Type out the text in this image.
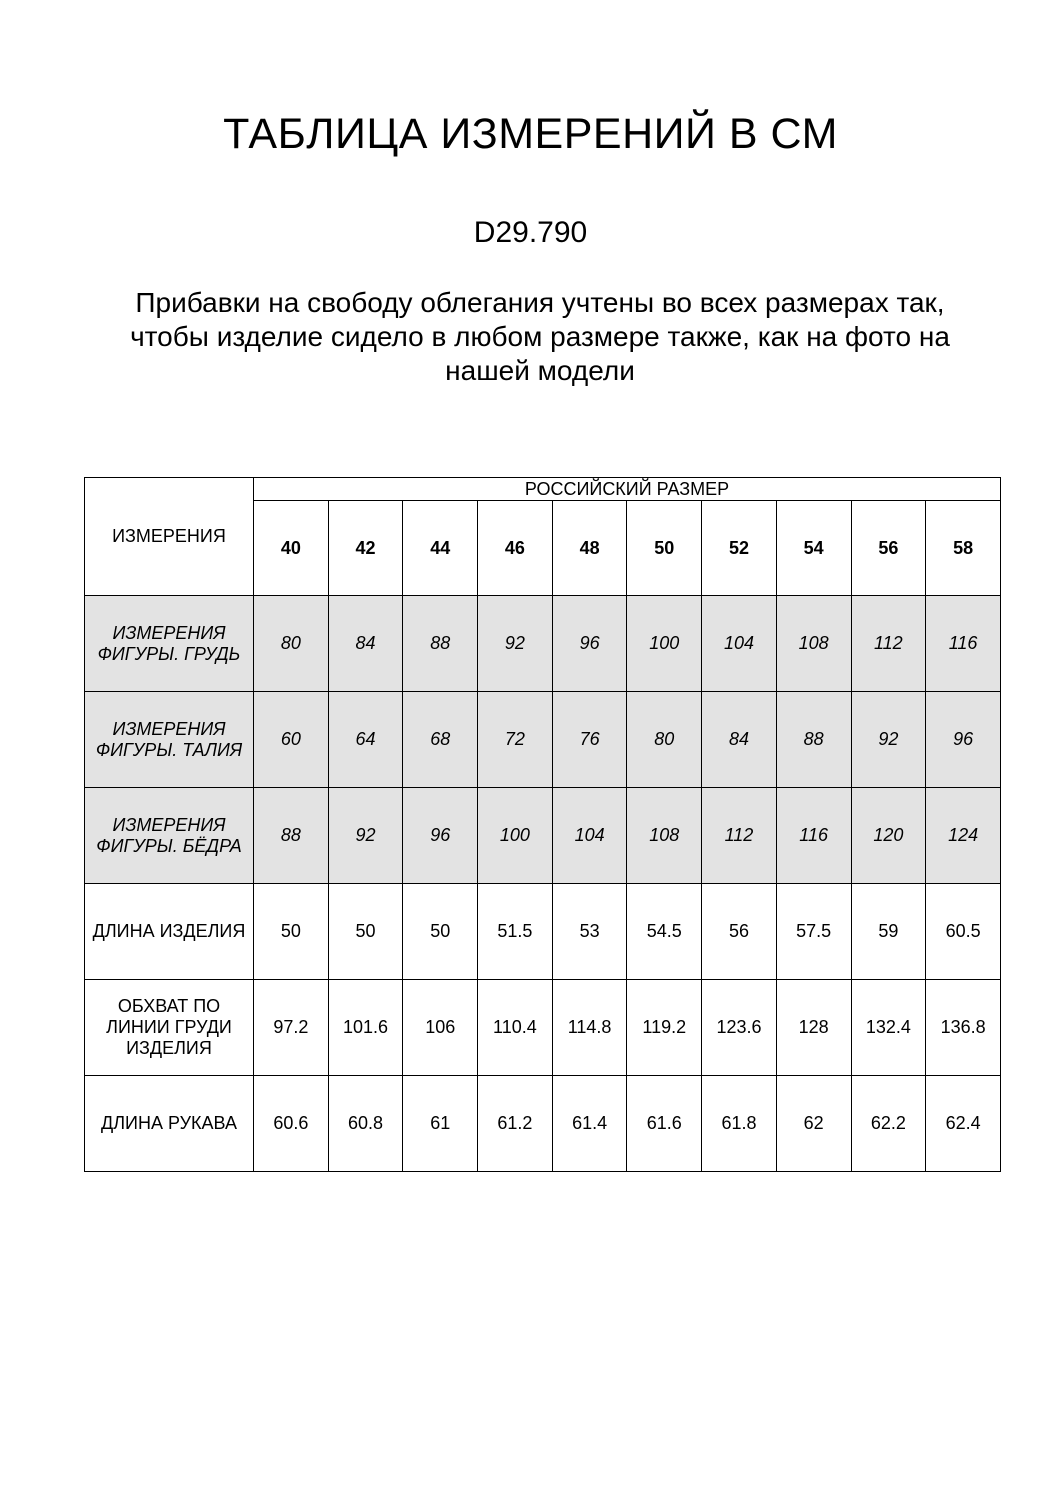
ТАБЛИЦА ИЗМЕРЕНИЙ В СМ
D29.790
Прибавки на свободу облегания учтены во всех размерах так, чтобы изделие сидело в любом размере также, как на фото на нашей модели
ИЗМЕРЕНИЯ	РОССИЙСКИЙ РАЗМЕР									
	40	42	44	46	48	50	52	54	56	58
ИЗМЕРЕНИЯ ФИГУРЫ. ГРУДЬ	80	84	88	92	96	100	104	108	112	116
ИЗМЕРЕНИЯ ФИГУРЫ. ТАЛИЯ	60	64	68	72	76	80	84	88	92	96
ИЗМЕРЕНИЯ ФИГУРЫ. БЁДРА	88	92	96	100	104	108	112	116	120	124
ДЛИНА ИЗДЕЛИЯ	50	50	50	51.5	53	54.5	56	57.5	59	60.5
ОБХВАТ ПО ЛИНИИ ГРУДИ ИЗДЕЛИЯ	97.2	101.6	106	110.4	114.8	119.2	123.6	128	132.4	136.8
ДЛИНА РУКАВА	60.6	60.8	61	61.2	61.4	61.6	61.8	62	62.2	62.4
